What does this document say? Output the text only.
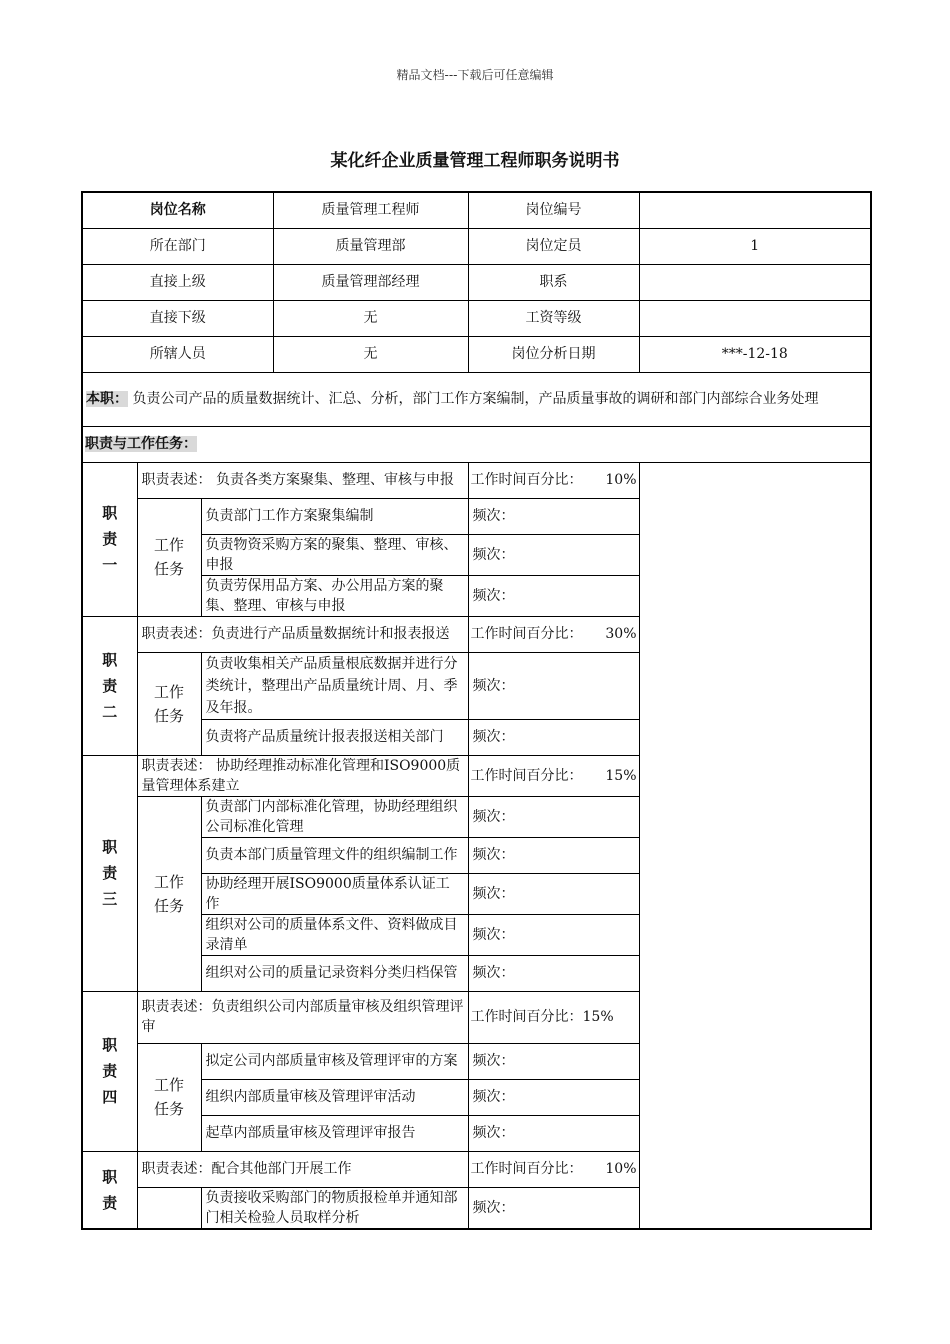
精品文档---下载后可任意编辑
某化纤企业质量管理工程师职务说明书
岗位名称			质量管理工程师	岗位编号	
所在部门			质量管理部	岗位定员	1
直接上级			质量管理部经理	职系	
直接下级			无	工资等级	
所辖人员			无	岗位分析日期	***-12-18
本职： 负责公司产品的质量数据统计、汇总、分析，部门工作方案编制，产品质量事故的调研和部门内部综合业务处理					
职责与工作任务：					
职责一	职责表述： 负责各类方案聚集、整理、审核与申报			工作时间百分比： 10%	

	工作任务	负责部门工作方案聚集编制		频次：	
		负责物资采购方案的聚集、整理、审核、申报		频次：	
		负责劳保用品方案、办公用品方案的聚集、整理、审核与申报		频次：	
职责二	职责表述：负责进行产品质量数据统计和报表报送			工作时间百分比： 30%	

	工作任务	负责收集相关产品质量根底数据并进行分类统计，整理出产品质量统计周、月、季及年报。		频次：	
		负责将产品质量统计报表报送相关部门		频次：	
职责三	职责表述： 协助经理推动标准化管理和ISO9000质量管理体系建立			工作时间百分比： 15%	

	工作任务	负责部门内部标准化管理，协助经理组织公司标准化管理		频次：	
		负责本部门质量管理文件的组织编制工作		频次：	
		协助经理开展ISO9000质量体系认证工作		频次：	
		组织对公司的质量体系文件、资料做成目录清单		频次：	
		组织对公司的质量记录资料分类归档保管		频次：	
职责四	职责表述：负责组织公司内部质量审核及组织管理评审			工作时间百分比：15%	
	工作任务	拟定公司内部质量审核及管理评审的方案		频次：	
		组织内部质量审核及管理评审活动		频次：	
		起草内部质量审核及管理评审报告		频次：	
职责	职责表述：配合其他部门开展工作			工作时间百分比： 10%	

		负责接收采购部门的物质报检单并通知部门相关检验人员取样分析		频次：	
